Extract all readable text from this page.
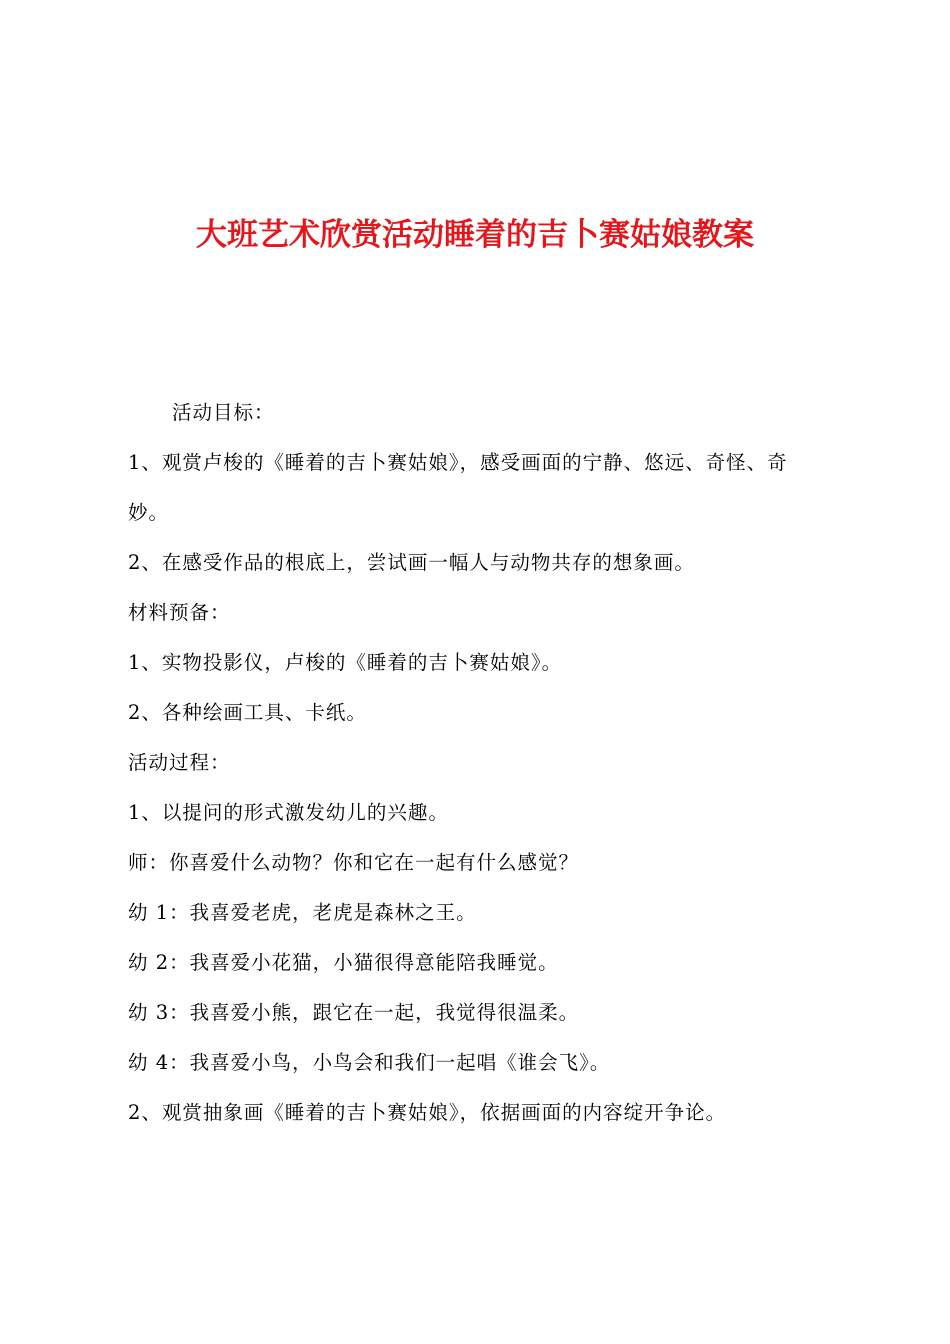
大班艺术欣赏活动睡着的吉卜赛姑娘教案

活动目标：

1、观赏卢梭的《睡着的吉卜赛姑娘》，感受画面的宁静、悠远、奇怪、奇妙。

2、在感受作品的根底上，尝试画一幅人与动物共存的想象画。

材料预备：

1、实物投影仪，卢梭的《睡着的吉卜赛姑娘》。

2、各种绘画工具、卡纸。

活动过程：

1、以提问的形式激发幼儿的兴趣。

师：你喜爱什么动物？你和它在一起有什么感觉？

幼 1：我喜爱老虎，老虎是森林之王。

幼 2：我喜爱小花猫，小猫很得意能陪我睡觉。

幼 3：我喜爱小熊，跟它在一起，我觉得很温柔。

幼 4：我喜爱小鸟，小鸟会和我们一起唱《谁会飞》。

2、观赏抽象画《睡着的吉卜赛姑娘》，依据画面的内容绽开争论。
